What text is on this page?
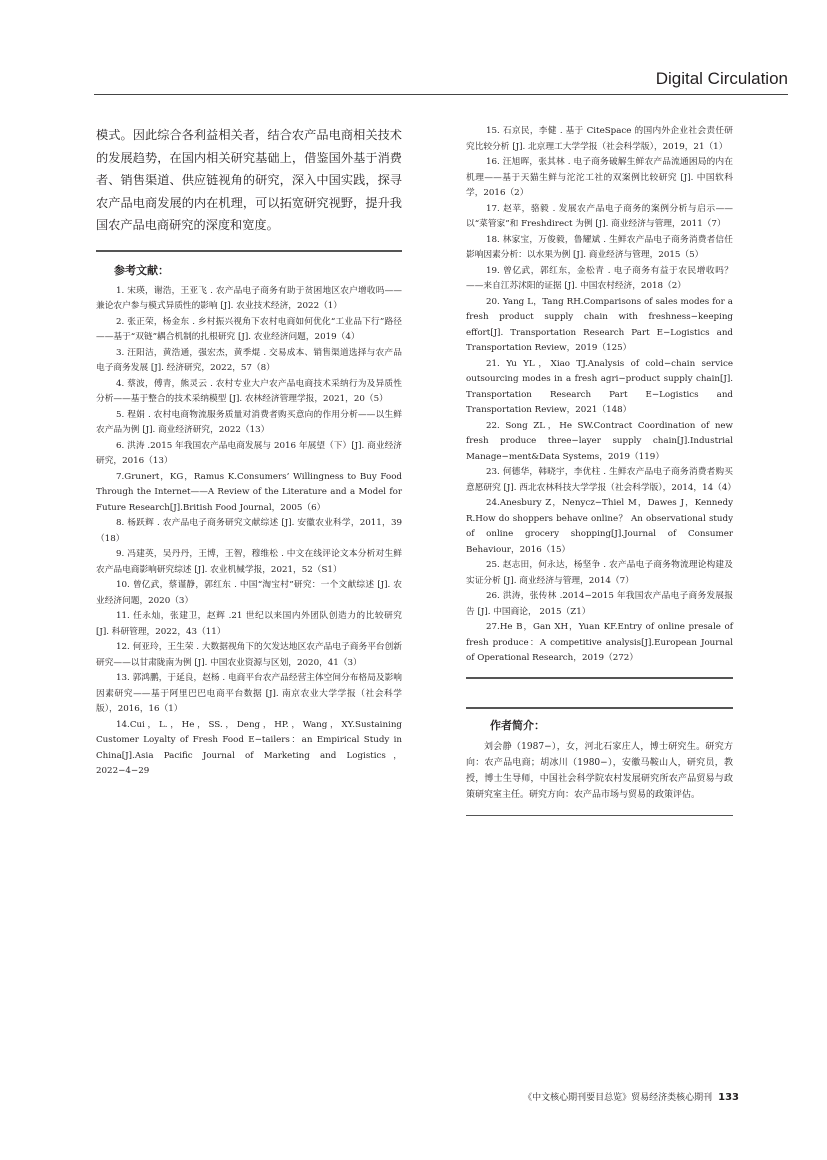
Digital Circulation

模式。因此综合各利益相关者，结合农产品电商相关技术的发展趋势，在国内相关研究基础上，借鉴国外基于消费者、销售渠道、供应链视角的研究，深入中国实践，探寻农产品电商发展的内在机理，可以拓宽研究视野，提升我国农产品电商研究的深度和宽度。

参考文献：
1. 宋瑛，谢浩，王亚飞 . 农产品电子商务有助于贫困地区农户增收吗——兼论农户参与模式异质性的影响 [J]. 农业技术经济，2022（1）
2. 张正荣，杨金东 . 乡村振兴视角下农村电商如何优化“工业品下行”路径——基于“双链”耦合机制的扎根研究 [J]. 农业经济问题，2019（4）
3. 汪阳洁，黄浩通，强宏杰，黄季焜 . 交易成本、销售渠道选择与农产品电子商务发展 [J]. 经济研究，2022，57（8）
4. 蔡波，傅青，熊灵云 . 农村专业大户农产品电商技术采纳行为及异质性分析——基于整合的技术采纳模型 [J]. 农林经济管理学报，2021，20（5）
5. 程娟 . 农村电商物流服务质量对消费者购买意向的作用分析——以生鲜农产品为例 [J]. 商业经济研究，2022（13）
6. 洪涛 .2015 年我国农产品电商发展与 2016 年展望（下）[J]. 商业经济研究，2016（13）
7.Grunert，KG，Ramus K.Consumers’ Willingness to Buy Food Through the Internet——A Review of the Literature and a Model for Future Research[J].British Food Journal，2005（6）
8. 杨跃辉 . 农产品电子商务研究文献综述 [J]. 安徽农业科学，2011，39（18）
9. 冯建英，吴丹丹，王博，王智，穆维松 . 中文在线评论文本分析对生鲜农产品电商影响研究综述 [J]. 农业机械学报，2021，52（S1）
10. 曾亿武，蔡谨静，郭红东 . 中国“淘宝村”研究：一个文献综述 [J]. 农业经济问题，2020（3）
11. 任永灿，张建卫，赵辉 .21 世纪以来国内外团队创造力的比较研究 [J]. 科研管理，2022，43（11）
12. 何亚玲，王生荣 . 大数据视角下的欠发达地区农产品电子商务平台创新研究——以甘肃陇南为例 [J]. 中国农业资源与区划，2020，41（3）
13. 郭鸿鹏，于延良，赵杨 . 电商平台农产品经营主体空间分布格局及影响因素研究——基于阿里巴巴电商平台数据 [J]. 南京农业大学学报（社会科学版），2016，16（1）
14.Cui，L.，He，SS.，Deng，HP.，Wang，XY.Sustaining Customer Loyalty of Fresh Food E−tailers：an Empirical Study in China[J].Asia Pacific Journal of Marketing and Logistics，2022−4−29
15. 石京民，李健 . 基于 CiteSpace 的国内外企业社会责任研究比较分析 [J]. 北京理工大学学报（社会科学版），2019，21（1）
16. 汪旭晖，张其林 . 电子商务破解生鲜农产品流通困局的内在机理——基于天猫生鲜与沱沱工社的双案例比较研究 [J]. 中国软科学，2016（2）
17. 赵苹，骆毅 . 发展农产品电子商务的案例分析与启示——以“菜管家”和 Freshdirect 为例 [J]. 商业经济与管理，2011（7）
18. 林家宝，万俊毅，鲁耀斌 . 生鲜农产品电子商务消费者信任影响因素分析：以水果为例 [J]. 商业经济与管理，2015（5）
19. 曾亿武，郭红东，金松青 . 电子商务有益于农民增收吗？——来自江苏沭阳的证据 [J]. 中国农村经济，2018（2）
20. Yang L，Tang RH.Comparisons of sales modes for a fresh product supply chain with freshness−keeping effort[J]. Transportation Research Part E−Logistics and Transportation Review，2019（125）
21. Yu YL，Xiao TJ.Analysis of cold−chain service outsourcing modes in a fresh agri−product supply chain[J]. Transportation Research Part E−Logistics and Transportation Review，2021（148）
22. Song ZL，He SW.Contract Coordination of new fresh produce three−layer supply chain[J].Industrial Manage−ment&Data Systems，2019（119）
23. 何德华，韩晓宇，李优柱 . 生鲜农产品电子商务消费者购买意愿研究 [J]. 西北农林科技大学学报（社会科学版），2014，14（4）
24.Anesbury Z，Nenycz−Thiel M，Dawes J，Kennedy R.How do shoppers behave online？ An observational study of online grocery shopping[J].Journal of Consumer Behaviour，2016（15）
25. 赵志田，何永达，杨坚争 . 农产品电子商务物流理论构建及实证分析 [J]. 商业经济与管理，2014（7）
26. 洪涛，张传林 .2014−2015 年我国农产品电子商务发展报告 [J]. 中国商论， 2015（Z1）
27.He B，Gan XH，Yuan KF.Entry of online presale of fresh produce：A competitive analysis[J].European Journal of Operational Research，2019（272）
作者简介：

刘会静（1987−），女，河北石家庄人，博士研究生。研究方向：农产品电商；胡冰川（1980−），安徽马鞍山人，研究员，教授，博士生导师，中国社会科学院农村发展研究所农产品贸易与政策研究室主任。研究方向：农产品市场与贸易的政策评估。

《中文核心期刊要目总览》贸易经济类核心期刊 133
